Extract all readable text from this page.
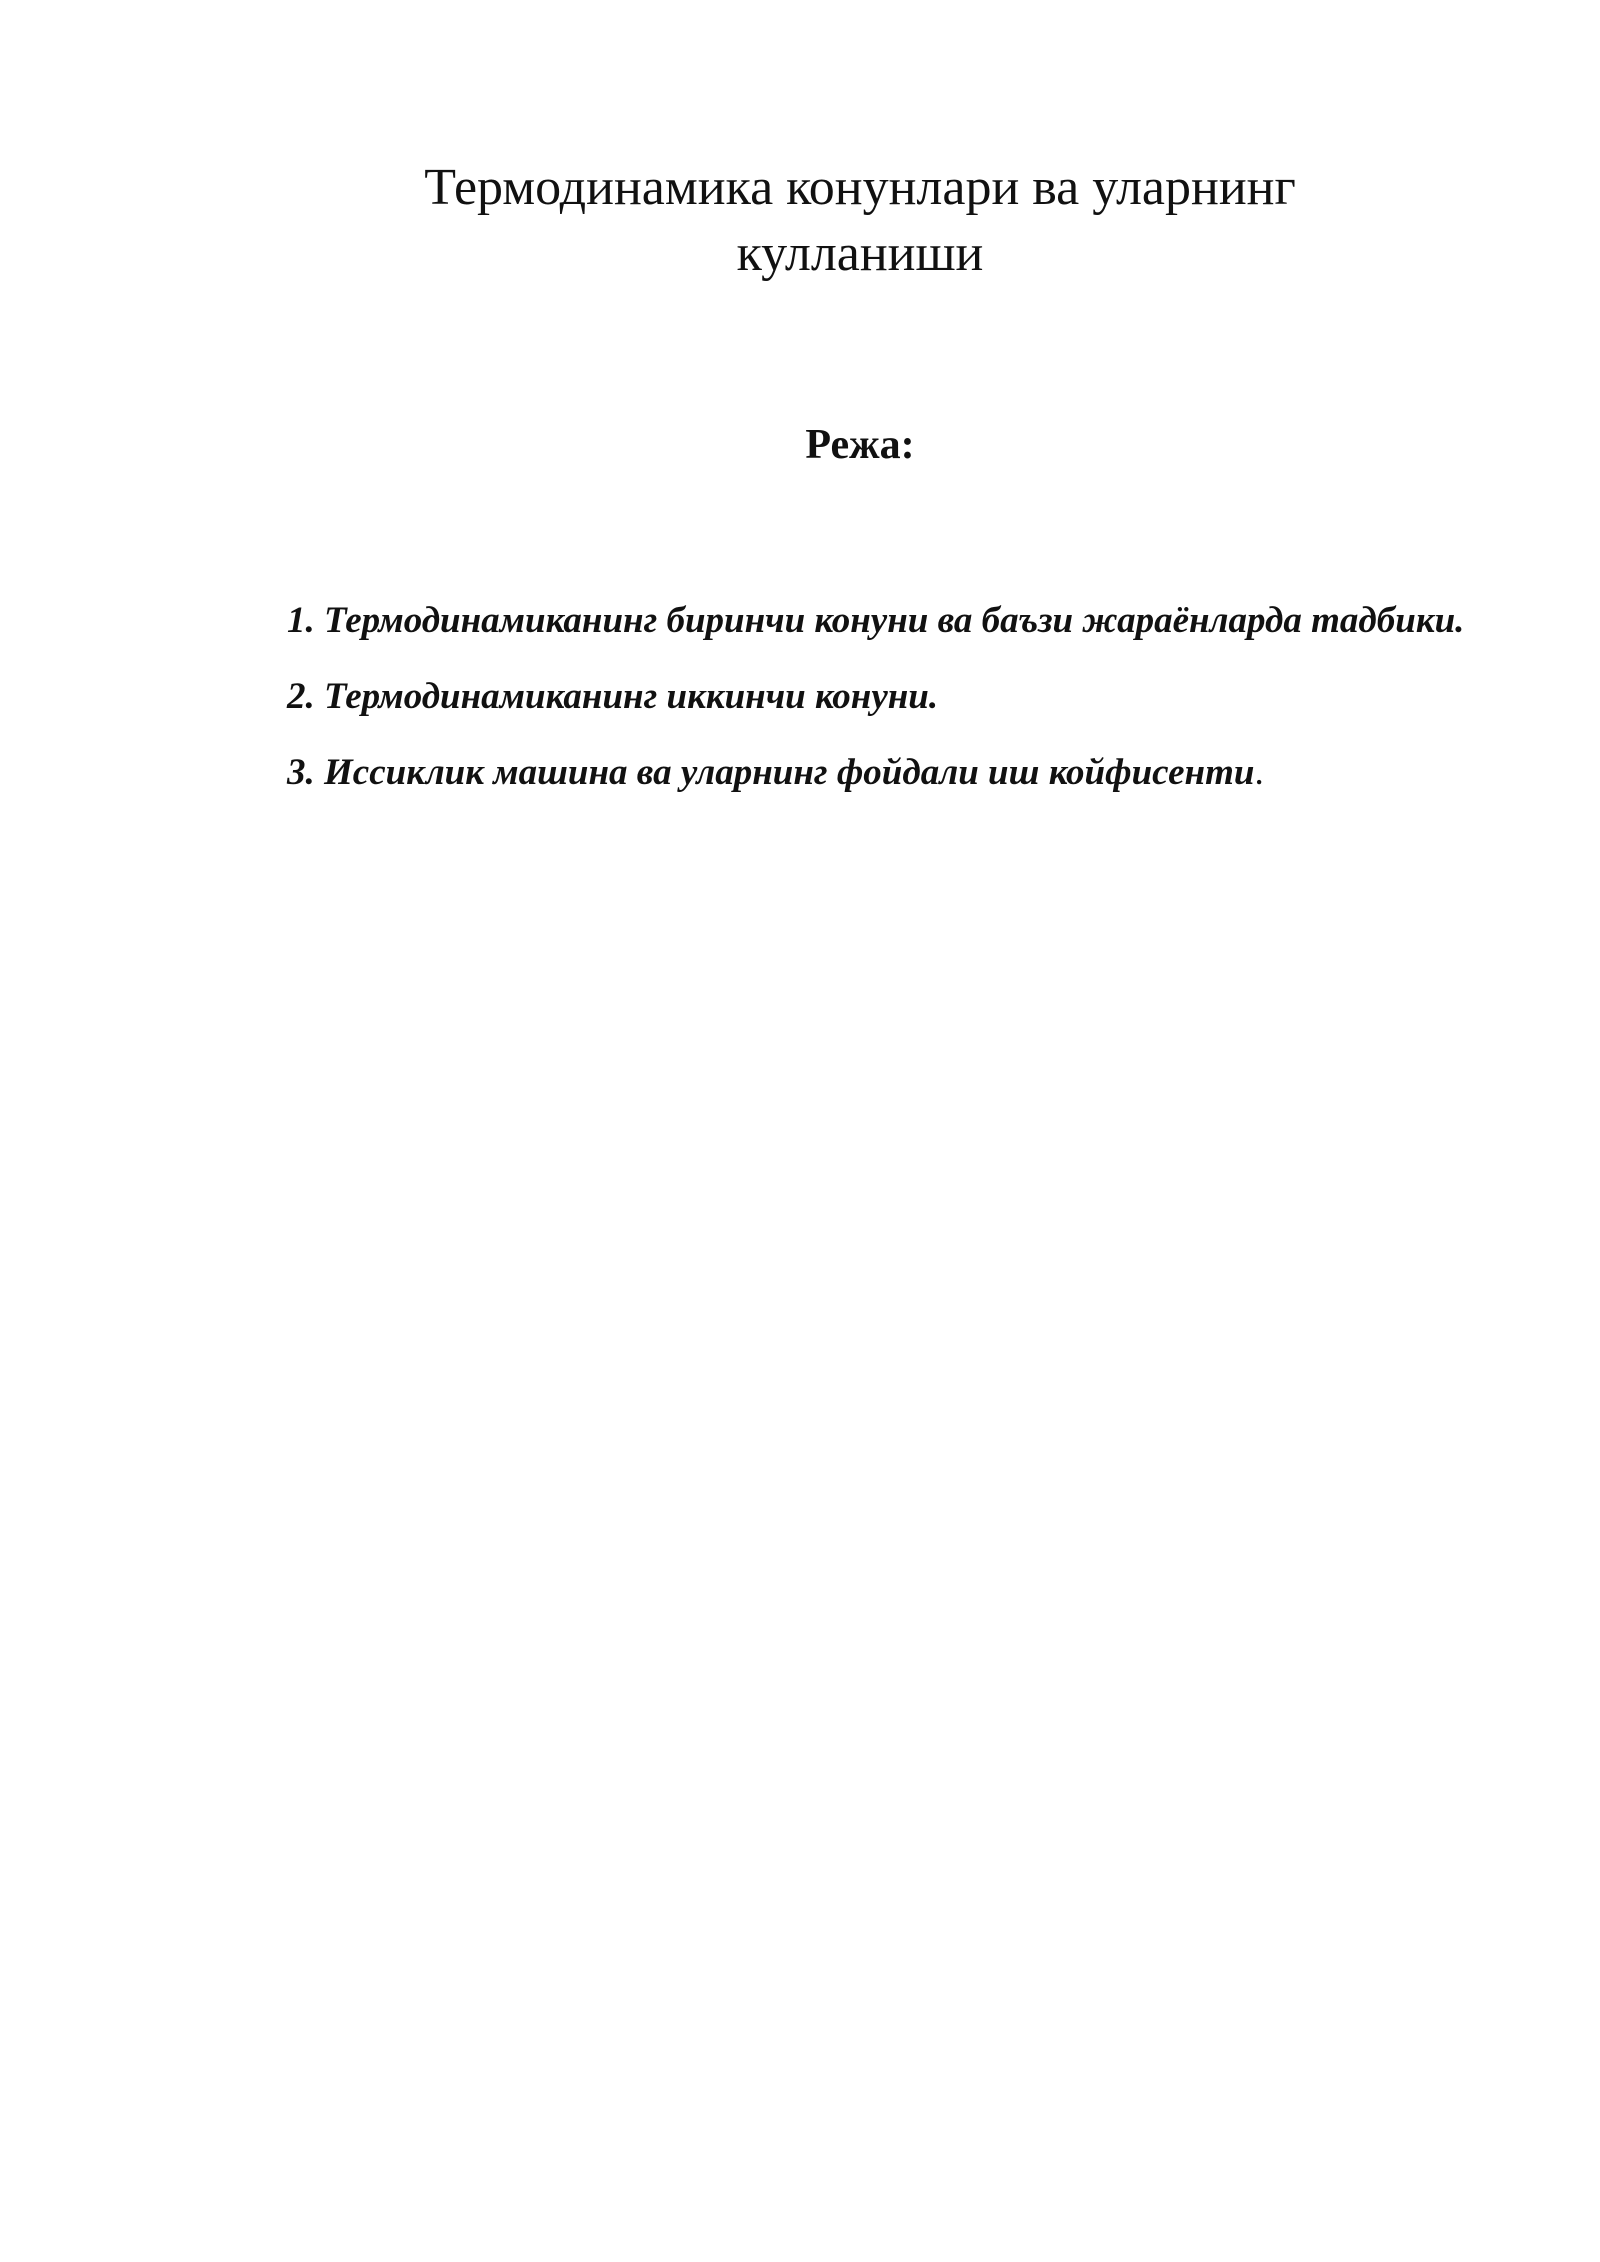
Термодинамика конунлари ва уларнинг
кулланиши
Режа:
1. Термодинамиканинг биринчи конуни ва баъзи жараёнларда тадбики.
2. Термодинамиканинг иккинчи конуни.
3. Иссиклик машина ва уларнинг фойдали иш койфисенти.
